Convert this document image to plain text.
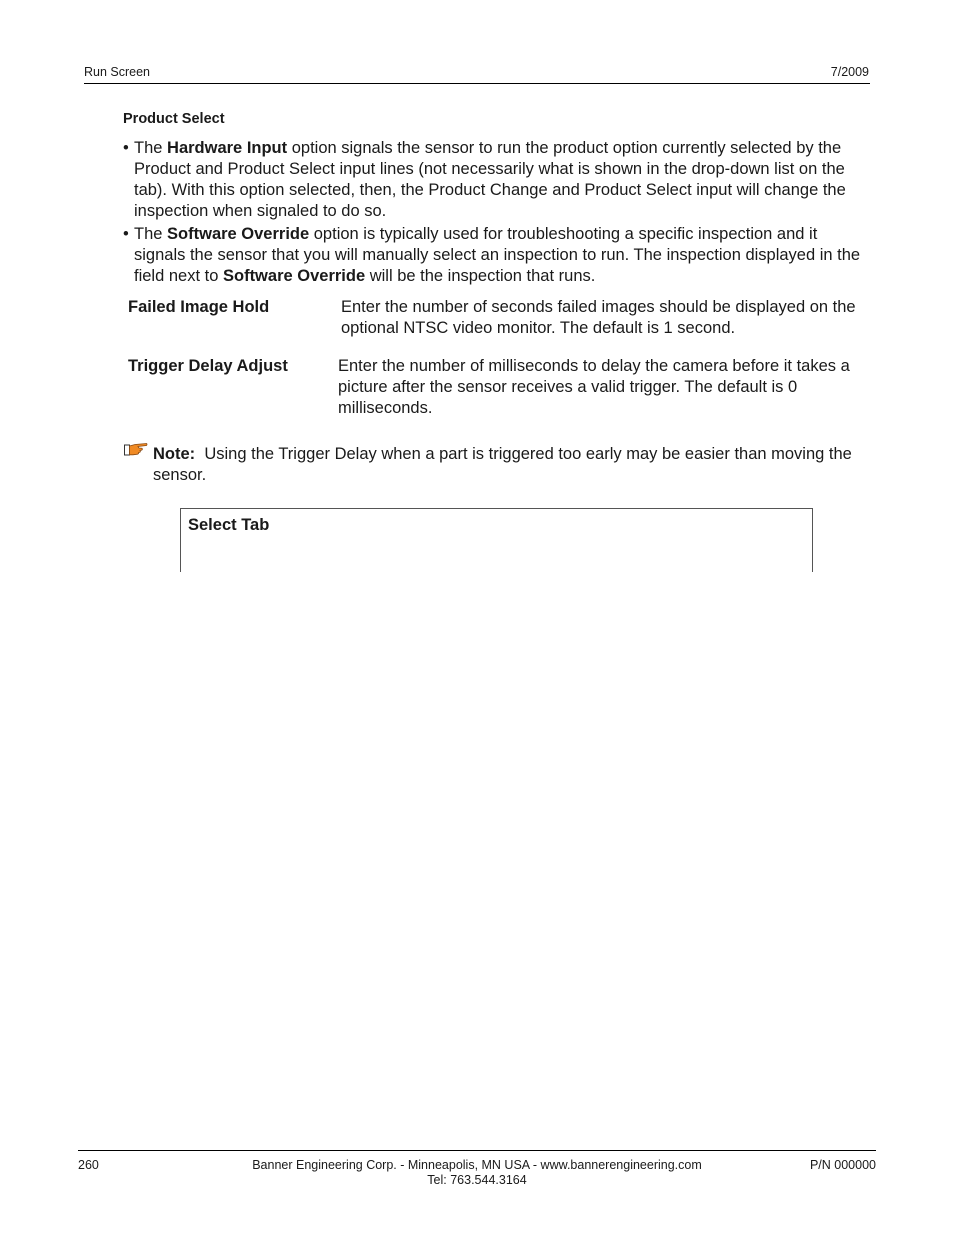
Run Screen	7/2009
Product Select
• The Hardware Input option signals the sensor to run the product option currently selected by the Product and Product Select input lines (not necessarily what is shown in the drop-down list on the tab). With this option selected, then, the Product Change and Product Select input will change the inspection when signaled to do so.
• The Software Override option is typically used for troubleshooting a specific inspection and it signals the sensor that you will manually select an inspection to run. The inspection displayed in the field next to Software Override will be the inspection that runs.
Failed Image Hold	Enter the number of seconds failed images should be displayed on the optional NTSC video monitor. The default is 1 second.
Trigger Delay Adjust	Enter the number of milliseconds to delay the camera before it takes a picture after the sensor receives a valid trigger. The default is 0 milliseconds.
Note: Using the Trigger Delay when a part is triggered too early may be easier than moving the sensor.
Select Tab
260	Banner Engineering Corp. - Minneapolis, MN USA - www.bannerengineering.com
Tel: 763.544.3164
P/N 000000
